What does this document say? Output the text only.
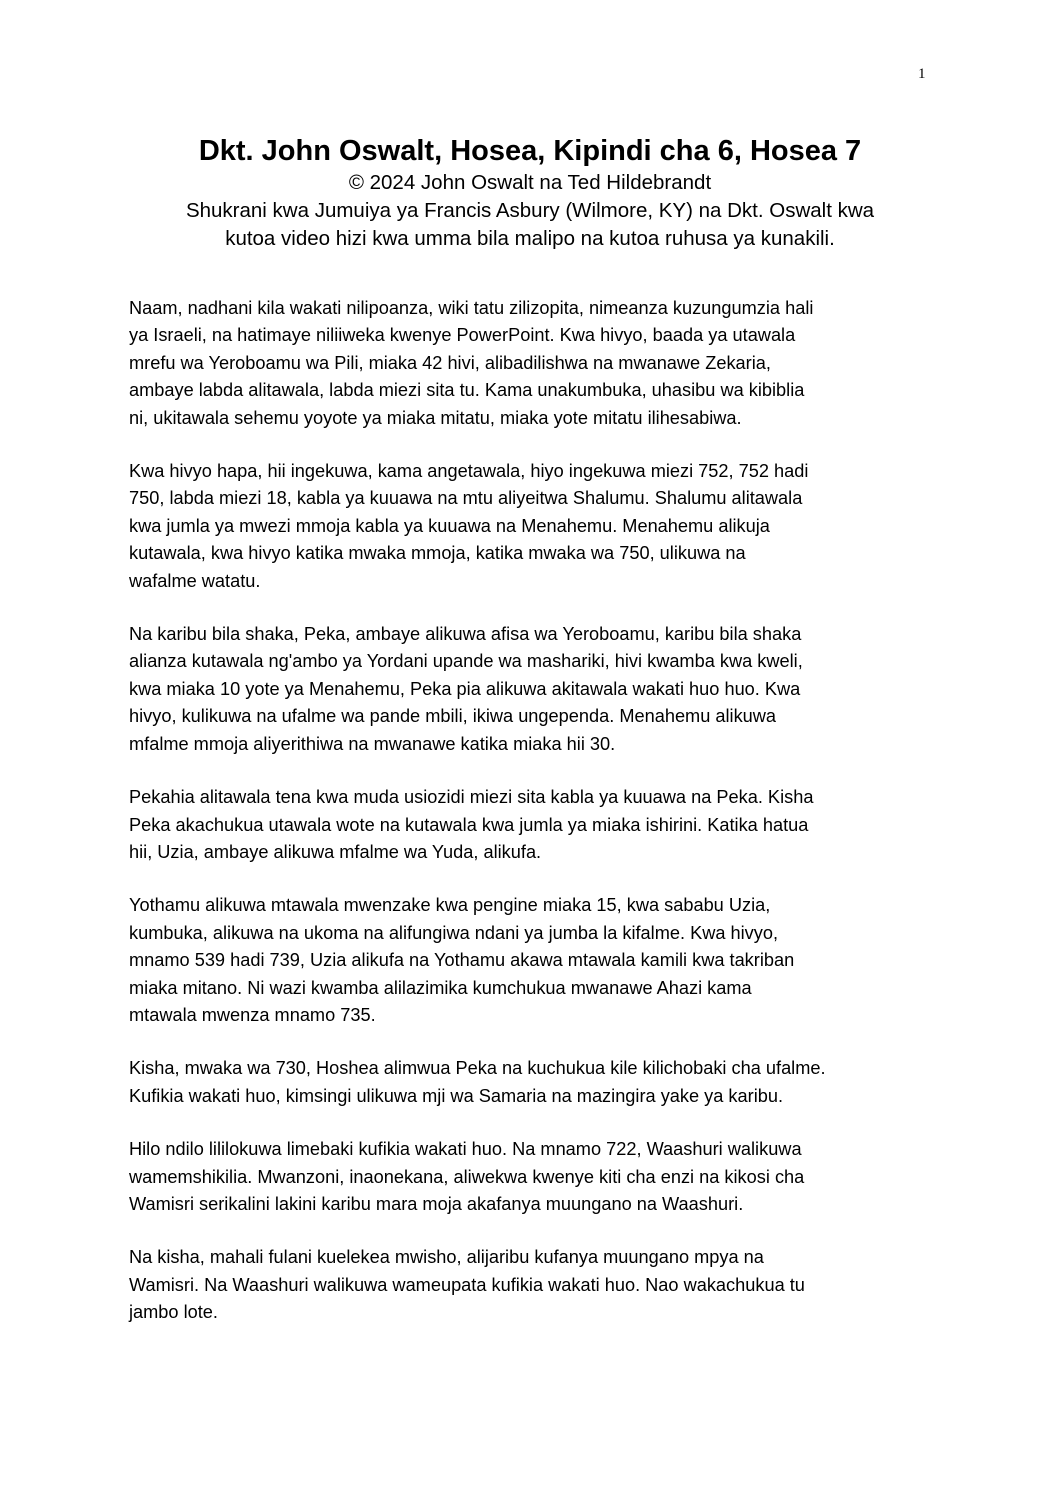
1
Dkt. John Oswalt, Hosea, Kipindi cha 6, Hosea 7

© 2024 John Oswalt na Ted Hildebrandt

Shukrani kwa Jumuiya ya Francis Asbury (Wilmore, KY) na Dkt. Oswalt kwa
kutoa video hizi kwa umma bila malipo na kutoa ruhusa ya kunakili.

Naam, nadhani kila wakati nilipoanza, wiki tatu zilizopita, nimeanza kuzungumzia hali
ya Israeli, na hatimaye niliiweka kwenye PowerPoint. Kwa hivyo, baada ya utawala
mrefu wa Yeroboamu wa Pili, miaka 42 hivi, alibadilishwa na mwanawe Zekaria,
ambaye labda alitawala, labda miezi sita tu. Kama unakumbuka, uhasibu wa kibiblia
ni, ukitawala sehemu yoyote ya miaka mitatu, miaka yote mitatu ilihesabiwa.

Kwa hivyo hapa, hii ingekuwa, kama angetawala, hiyo ingekuwa miezi 752, 752 hadi
750, labda miezi 18, kabla ya kuuawa na mtu aliyeitwa Shalumu. Shalumu alitawala
kwa jumla ya mwezi mmoja kabla ya kuuawa na Menahemu. Menahemu alikuja
kutawala, kwa hivyo katika mwaka mmoja, katika mwaka wa 750, ulikuwa na
wafalme watatu.

Na karibu bila shaka, Peka, ambaye alikuwa afisa wa Yeroboamu, karibu bila shaka
alianza kutawala ng'ambo ya Yordani upande wa mashariki, hivi kwamba kwa kweli,
kwa miaka 10 yote ya Menahemu, Peka pia alikuwa akitawala wakati huo huo. Kwa
hivyo, kulikuwa na ufalme wa pande mbili, ikiwa ungependa. Menahemu alikuwa
mfalme mmoja aliyerithiwa na mwanawe katika miaka hii 30.

Pekahia alitawala tena kwa muda usiozidi miezi sita kabla ya kuuawa na Peka. Kisha
Peka akachukua utawala wote na kutawala kwa jumla ya miaka ishirini. Katika hatua
hii, Uzia, ambaye alikuwa mfalme wa Yuda, alikufa.

Yothamu alikuwa mtawala mwenzake kwa pengine miaka 15, kwa sababu Uzia,
kumbuka, alikuwa na ukoma na alifungiwa ndani ya jumba la kifalme. Kwa hivyo,
mnamo 539 hadi 739, Uzia alikufa na Yothamu akawa mtawala kamili kwa takriban
miaka mitano. Ni wazi kwamba alilazimika kumchukua mwanawe Ahazi kama
mtawala mwenza mnamo 735.

Kisha, mwaka wa 730, Hoshea alimwua Peka na kuchukua kile kilichobaki cha ufalme.
Kufikia wakati huo, kimsingi ulikuwa mji wa Samaria na mazingira yake ya karibu.

Hilo ndilo lililokuwa limebaki kufikia wakati huo. Na mnamo 722, Waashuri walikuwa
wamemshikilia. Mwanzoni, inaonekana, aliwekwa kwenye kiti cha enzi na kikosi cha
Wamisri serikalini lakini karibu mara moja akafanya muungano na Waashuri.

Na kisha, mahali fulani kuelekea mwisho, alijaribu kufanya muungano mpya na
Wamisri. Na Waashuri walikuwa wameupata kufikia wakati huo. Nao wakachukua tu
jambo lote.
